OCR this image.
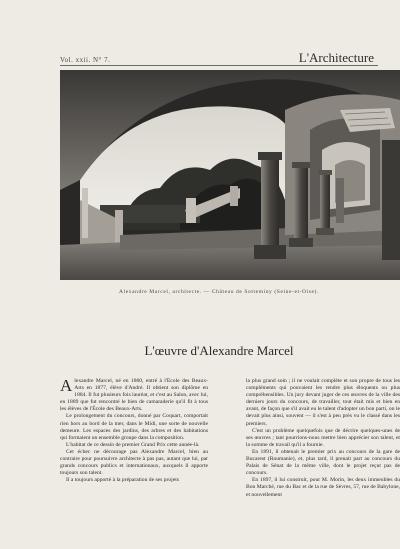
Vol. xxii. N° 7.	L'Architecture
Alexandre Marcel, architecte. — Château de Sotteminy (Seine-et-Oise).
L'œuvre d'Alexandre Marcel

Alexandre Marcel, né en 1860, entré à l'École des Beaux-Arts en 1877, élève d'André. Il obtient son diplôme en 1884. Il fut plusieurs fois lauréat, et c'est au Salon, avec lui, en 1889 que fut rencontré le bien de camaraderie qu'il fit à tous les élèves de l'École des Beaux-Arts.

Le prolongement du concours, donné par Coquart, comportait rien hors au bord de la mer, dans le Midi, une sorte de nouvelle demeure. Les espaces des jardins, des arbres et des habitations qui formaient un ensemble groupe dans la composition.

L'habitat de ce dessin de premier Grand Prix cette année-là.

Cet échec ne décourage pas Alexandre Marcel, bien au contraire pour poursuivre architecte à pas pas, autant que lui, par grands concours publics et internationaux, auxquels il apporte toujours son talent.

Il a toujours apporté à la préparation de ses projets

la plus grand soin ; il ne voulait complète et son propre de tous les compléments qui pouvaient les rendre plus éloquents ou plus compréhensibles. Un jury devant juger de ces œuvres de la ville des derniers jours du concours, de travailler, tout était mis et bien en avant, de façon que s'il avait eu le talent d'adopter un bon parti, on le devait plus ainsi, souvent — il s'est à peu près vu le classé dans les premiers.

C'est un problème quelquefois que de décrire quelques-unes de ses œuvres ; tant pourrions-nous mettre bien apprécier son talent, et la somme de travail qu'il a fournie.

En 1891, il obtenait le premier prix au concours de la gare de Bucarest (Roumanie), et, plus tard, il prenait part au concours du Palais de Sénat de la même ville, dont le projet reçut pas de concours.

En 1897, il lui construit, pour M. Morin, les deux immeubles du Bon Marché, rue du Bac et de la rue de Sèvres, 57, rue de Babylone, et nouvellement
